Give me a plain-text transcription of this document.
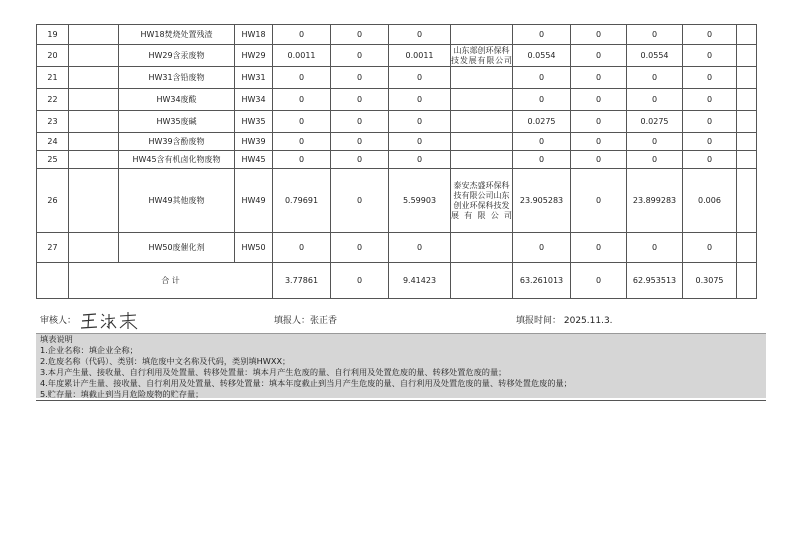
19		HW18焚烧处置残渣	HW18	0	0	0		0	0	0	0	
20		HW29含汞废物	HW29	0.0011	0	0.0011	山东郯创环保科技发展有限公司	0.0554	0	0.0554	0	
21		HW31含铅废物	HW31	0	0	0		0	0	0	0	
22		HW34废酸	HW34	0	0	0		0	0	0	0	
23		HW35废碱	HW35	0	0	0		0.0275	0	0.0275	0	
24		HW39含酚废物	HW39	0	0	0		0	0	0	0	
25		HW45含有机卤化物废物	HW45	0	0	0		0	0	0	0	
26		HW49其他废物	HW49	0.79691	0	5.59903	泰安杰盛环保科技有限公司山东创业环保科技发展有限公司	23.905283	0	23.899283	0.006	
27		HW50废催化剂	HW50	0	0	0		0	0	0	0	
	合 计			3.77861	0	9.41423		63.261013	0	62.953513	0.3075	
审核人：	填报人：张正香	填报时间： 2025.11.3.
填表说明
1.企业名称：填企业全称；
2.危废名称（代码）、类别：填危废中文名称及代码，类别填HWXX；
3.本月产生量、接收量、自行利用及处置量、转移处置量：填本月产生危废的量、自行利用及处置危废的量、转移处置危废的量；
4.年度累计产生量、接收量、自行利用及处置量、转移处置量：填本年度截止到当月产生危废的量、自行利用及处置危废的量、转移处置危废的量；
5.贮存量：填截止到当月危险废物的贮存量；
